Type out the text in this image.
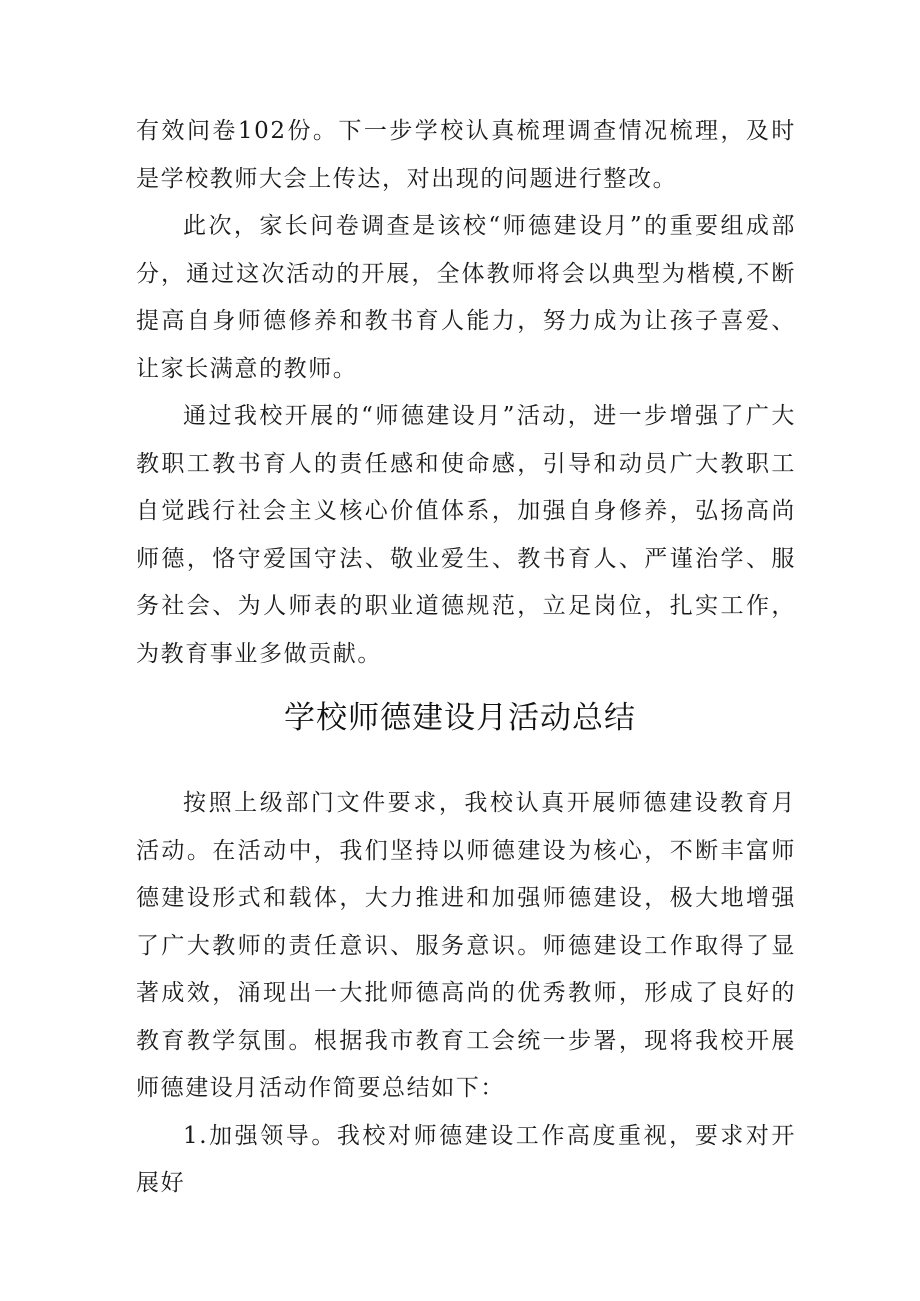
有效问卷102份。下一步学校认真梳理调查情况梳理，及时是学校教师大会上传达，对出现的问题进行整改。

此次，家长问卷调查是该校“师德建设月”的重要组成部分，通过这次活动的开展，全体教师将会以典型为楷模,不断提高自身师德修养和教书育人能力，努力成为让孩子喜爱、让家长满意的教师。

通过我校开展的“师德建设月”活动，进一步增强了广大教职工教书育人的责任感和使命感，引导和动员广大教职工自觉践行社会主义核心价值体系，加强自身修养，弘扬高尚师德，恪守爱国守法、敬业爱生、教书育人、严谨治学、服务社会、为人师表的职业道德规范，立足岗位，扎实工作，为教育事业多做贡献。

学校师德建设月活动总结

按照上级部门文件要求，我校认真开展师德建设教育月活动。在活动中，我们坚持以师德建设为核心，不断丰富师德建设形式和载体，大力推进和加强师德建设，极大地增强了广大教师的责任意识、服务意识。师德建设工作取得了显著成效，涌现出一大批师德高尚的优秀教师，形成了良好的教育教学氛围。根据我市教育工会统一步署，现将我校开展师德建设月活动作简要总结如下：

1.加强领导。我校对师德建设工作高度重视，要求对开展好
